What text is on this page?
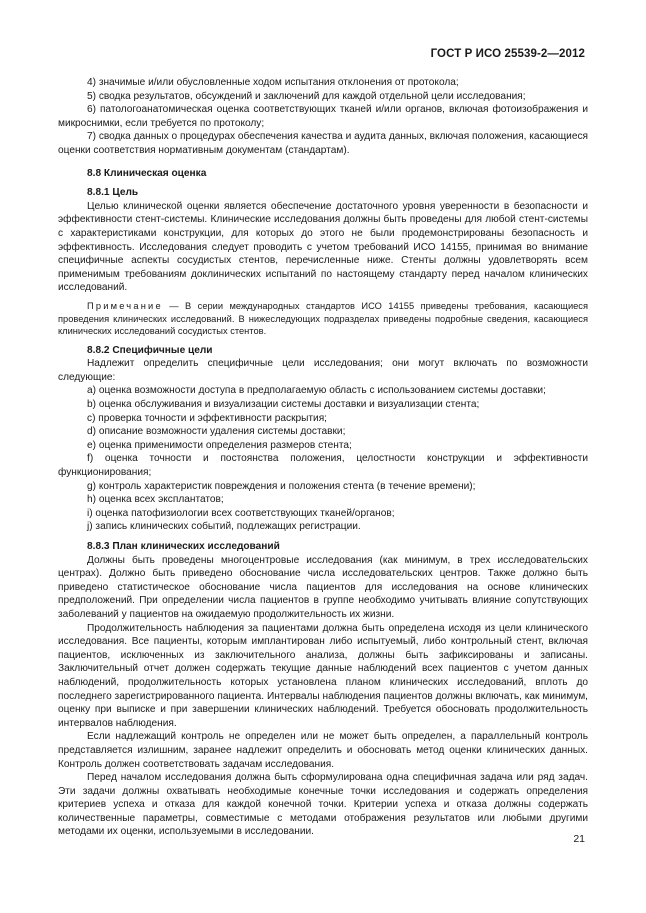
ГОСТ Р ИСО 25539-2—2012

4) значимые и/или обусловленные ходом испытания отклонения от протокола;

5) сводка результатов, обсуждений и заключений для каждой отдельной цели исследования;

6) патологоанатомическая оценка соответствующих тканей и/или органов, включая фотоизображения и микроснимки, если требуется по протоколу;

7) сводка данных о процедурах обеспечения качества и аудита данных, включая положения, касающиеся оценки соответствия нормативным документам (стандартам).

8.8 Клиническая оценка

8.8.1 Цель

Целью клинической оценки является обеспечение достаточного уровня уверенности в безопасности и эффективности стент-системы. Клинические исследования должны быть проведены для любой стент-системы с характеристиками конструкции, для которых до этого не были продемонстрированы безопасность и эффективность. Исследования следует проводить с учетом требований ИСО 14155, принимая во внимание специфичные аспекты сосудистых стентов, перечисленные ниже. Стенты должны удовлетворять всем применимым требованиям доклинических испытаний по настоящему стандарту перед началом клинических исследований.

Примечание — В серии международных стандартов ИСО 14155 приведены требования, касающиеся проведения клинических исследований. В нижеследующих подразделах приведены подробные сведения, касающиеся клинических исследований сосудистых стентов.

8.8.2 Специфичные цели

Надлежит определить специфичные цели исследования; они могут включать по возможности следующие:

a) оценка возможности доступа в предполагаемую область с использованием системы доставки;

b) оценка обслуживания и визуализации системы доставки и визуализации стента;

c) проверка точности и эффективности раскрытия;

d) описание возможности удаления системы доставки;

e) оценка применимости определения размеров стента;

f) оценка точности и постоянства положения, целостности конструкции и эффективности функционирования;

g) контроль характеристик повреждения и положения стента (в течение времени);

h) оценка всех эксплантатов;

i) оценка патофизиологии всех соответствующих тканей/органов;

j) запись клинических событий, подлежащих регистрации.

8.8.3 План клинических исследований

Должны быть проведены многоцентровые исследования (как минимум, в трех исследовательских центрах). Должно быть приведено обоснование числа исследовательских центров. Также должно быть приведено статистическое обоснование числа пациентов для исследования на основе клинических предположений. При определении числа пациентов в группе необходимо учитывать влияние сопутствующих заболеваний у пациентов на ожидаемую продолжительность их жизни.

Продолжительность наблюдения за пациентами должна быть определена исходя из цели клинического исследования. Все пациенты, которым имплантирован либо испытуемый, либо контрольный стент, включая пациентов, исключенных из заключительного анализа, должны быть зафиксированы и записаны. Заключительный отчет должен содержать текущие данные наблюдений всех пациентов с учетом данных наблюдений, продолжительность которых установлена планом клинических исследований, вплоть до последнего зарегистрированного пациента. Интервалы наблюдения пациентов должны включать, как минимум, оценку при выписке и при завершении клинических наблюдений. Требуется обосновать продолжительность интервалов наблюдения.

Если надлежащий контроль не определен или не может быть определен, а параллельный контроль представляется излишним, заранее надлежит определить и обосновать метод оценки клинических данных. Контроль должен соответствовать задачам исследования.

Перед началом исследования должна быть сформулирована одна специфичная задача или ряд задач. Эти задачи должны охватывать необходимые конечные точки исследования и содержать определения критериев успеха и отказа для каждой конечной точки. Критерии успеха и отказа должны содержать количественные параметры, совместимые с методами отображения результатов или любыми другими методами их оценки, используемыми в исследовании.

21
